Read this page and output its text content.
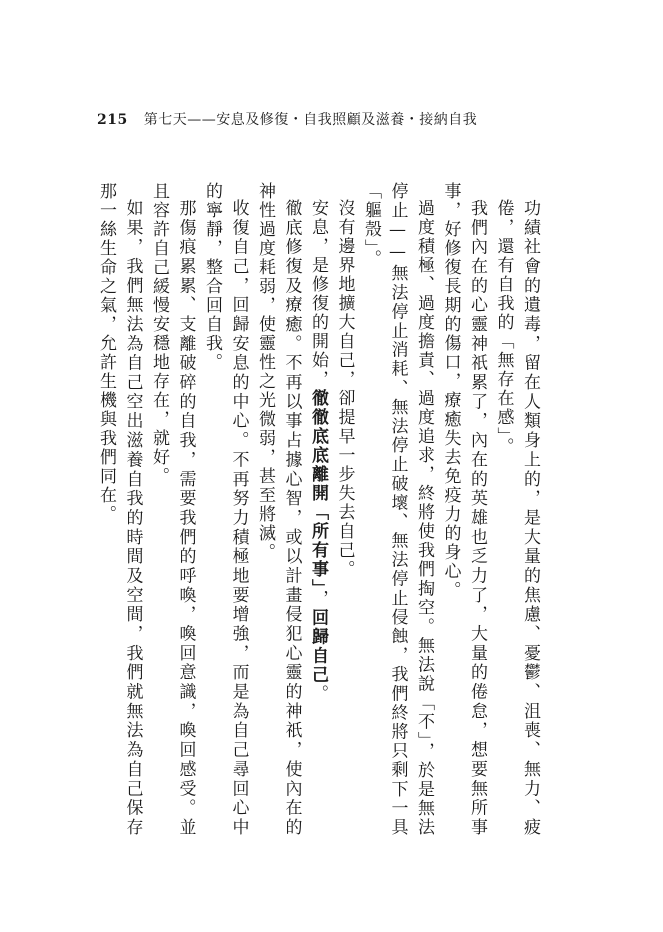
215 第七天——安息及修復・自我照顧及滋養・接納自我

功績社會的遺毒，留在人類身上的，是大量的焦慮、憂鬱、沮喪、無力、疲倦，還有自我的「無存在感」。

我們內在的心靈神祇累了，內在的英雄也乏力了，大量的倦怠，想要無所事事，好修復長期的傷口，療癒失去免疫力的身心。

過度積極、過度擔責、過度追求，終將使我們掏空。無法說「不」，於是無法停止——無法停止消耗、無法停止破壞、無法停止侵蝕，我們終將只剩下一具「軀殼」。

沒有邊界地擴大自己，卻提早一步失去自己。

安息，是修復的開始，徹徹底底離開「所有事」，回歸自己。

徹底修復及療癒。不再以事占據心智，或以計畫侵犯心靈的神祇，使內在的神性過度耗弱，使靈性之光微弱，甚至將滅。

收復自己，回歸安息的中心。不再努力積極地要增強，而是為自己尋回心中的寧靜，整合回自我。

那傷痕累累、支離破碎的自我，需要我們的呼喚，喚回意識，喚回感受。並且容許自己緩慢安穩地存在，就好。

如果，我們無法為自己空出滋養自我的時間及空間，我們就無法為自己保存那一絲生命之氣，允許生機與我們同在。
